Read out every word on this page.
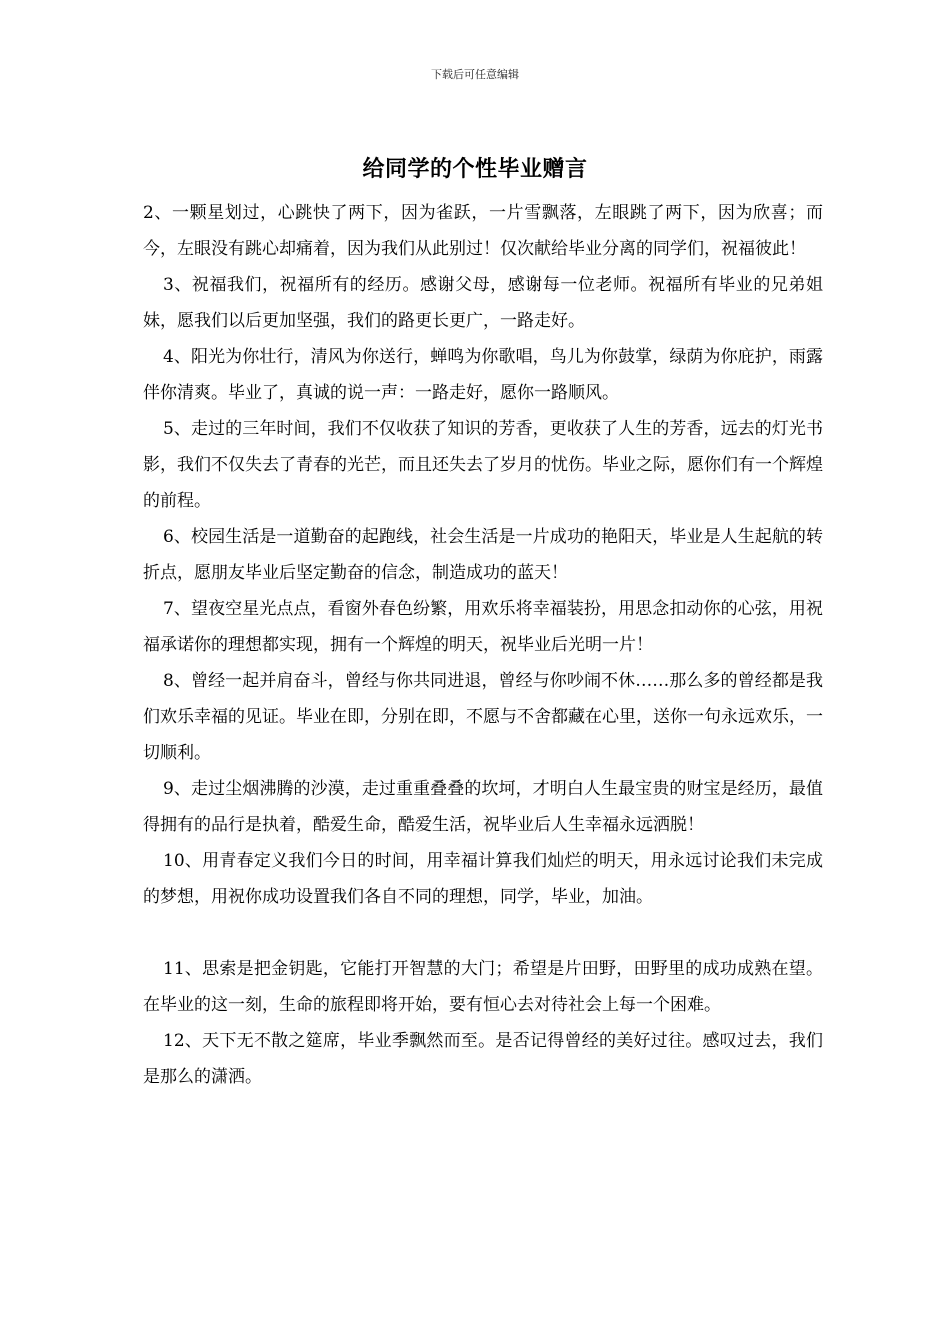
下载后可任意编辑
给同学的个性毕业赠言

2、一颗星划过，心跳快了两下，因为雀跃，一片雪飘落，左眼跳了两下，因为欣喜；而今，左眼没有跳心却痛着，因为我们从此别过！仅次献给毕业分离的同学们，祝福彼此！

3、祝福我们，祝福所有的经历。感谢父母，感谢每一位老师。祝福所有毕业的兄弟姐妹，愿我们以后更加坚强，我们的路更长更广，一路走好。

4、阳光为你壮行，清风为你送行，蝉鸣为你歌唱，鸟儿为你鼓掌，绿荫为你庇护，雨露伴你清爽。毕业了，真诚的说一声：一路走好，愿你一路顺风。

5、走过的三年时间，我们不仅收获了知识的芳香，更收获了人生的芳香，远去的灯光书影，我们不仅失去了青春的光芒，而且还失去了岁月的忧伤。毕业之际，愿你们有一个辉煌的前程。

6、校园生活是一道勤奋的起跑线，社会生活是一片成功的艳阳天，毕业是人生起航的转折点，愿朋友毕业后坚定勤奋的信念，制造成功的蓝天！

7、望夜空星光点点，看窗外春色纷繁，用欢乐将幸福装扮，用思念扣动你的心弦，用祝福承诺你的理想都实现，拥有一个辉煌的明天，祝毕业后光明一片！

8、曾经一起并肩奋斗，曾经与你共同进退，曾经与你吵闹不休……那么多的曾经都是我们欢乐幸福的见证。毕业在即，分别在即，不愿与不舍都藏在心里，送你一句永远欢乐，一切顺利。

9、走过尘烟沸腾的沙漠，走过重重叠叠的坎坷，才明白人生最宝贵的财宝是经历，最值得拥有的品行是执着，酷爱生命，酷爱生活，祝毕业后人生幸福永远洒脱！

10、用青春定义我们今日的时间，用幸福计算我们灿烂的明天，用永远讨论我们未完成的梦想，用祝你成功设置我们各自不同的理想，同学，毕业，加油。

11、思索是把金钥匙，它能打开智慧的大门；希望是片田野，田野里的成功成熟在望。在毕业的这一刻，生命的旅程即将开始，要有恒心去对待社会上每一个困难。

12、天下无不散之筵席，毕业季飘然而至。是否记得曾经的美好过往。感叹过去，我们是那么的潇洒。
